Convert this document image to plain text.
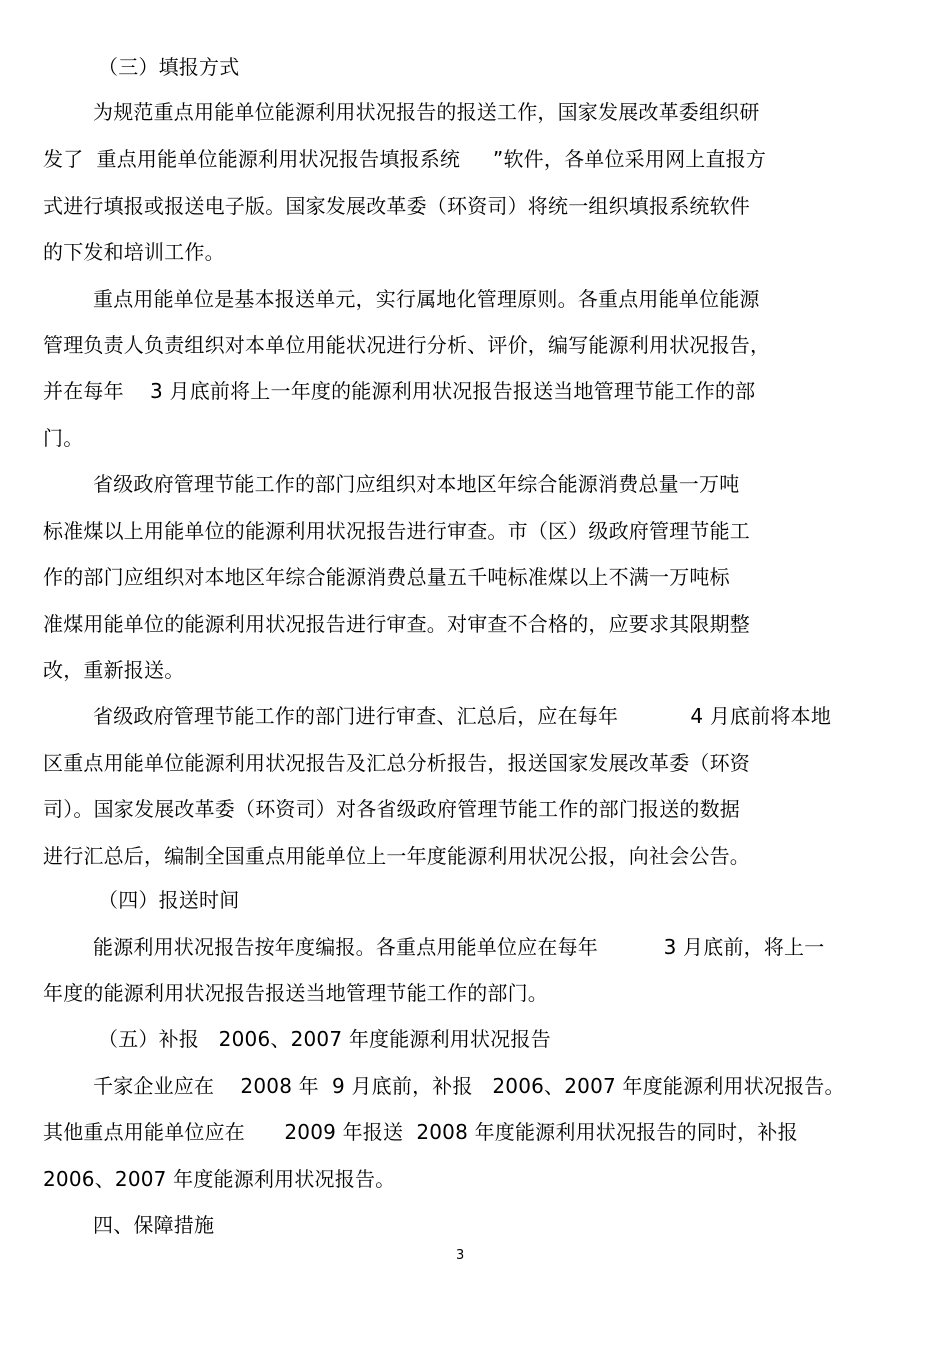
（三）填报方式
为规范重点用能单位能源利用状况报告的报送工作，国家发展改革委组织研
发了  重点用能单位能源利用状况报告填报系统     ”软件，各单位采用网上直报方
式进行填报或报送电子版。国家发展改革委（环资司）将统一组织填报系统软件
的下发和培训工作。
重点用能单位是基本报送单元，实行属地化管理原则。各重点用能单位能源
管理负责人负责组织对本单位用能状况进行分析、评价，编写能源利用状况报告，
并在每年    3 月底前将上一年度的能源利用状况报告报送当地管理节能工作的部
门。
省级政府管理节能工作的部门应组织对本地区年综合能源消费总量一万吨
标准煤以上用能单位的能源利用状况报告进行审查。市（区）级政府管理节能工
作的部门应组织对本地区年综合能源消费总量五千吨标准煤以上不满一万吨标
准煤用能单位的能源利用状况报告进行审查。对审查不合格的，应要求其限期整
改，重新报送。
省级政府管理节能工作的部门进行审查、汇总后，应在每年           4 月底前将本地
区重点用能单位能源利用状况报告及汇总分析报告，报送国家发展改革委（环资
司）。国家发展改革委（环资司）对各省级政府管理节能工作的部门报送的数据
进行汇总后，编制全国重点用能单位上一年度能源利用状况公报，向社会公告。
（四）报送时间
能源利用状况报告按年度编报。各重点用能单位应在每年          3 月底前，将上一
年度的能源利用状况报告报送当地管理节能工作的部门。
（五）补报   2006、2007 年度能源利用状况报告
千家企业应在    2008 年  9 月底前，补报   2006、2007 年度能源利用状况报告。
其他重点用能单位应在      2009 年报送  2008 年度能源利用状况报告的同时，补报
2006、2007 年度能源利用状况报告。
四、保障措施
3
